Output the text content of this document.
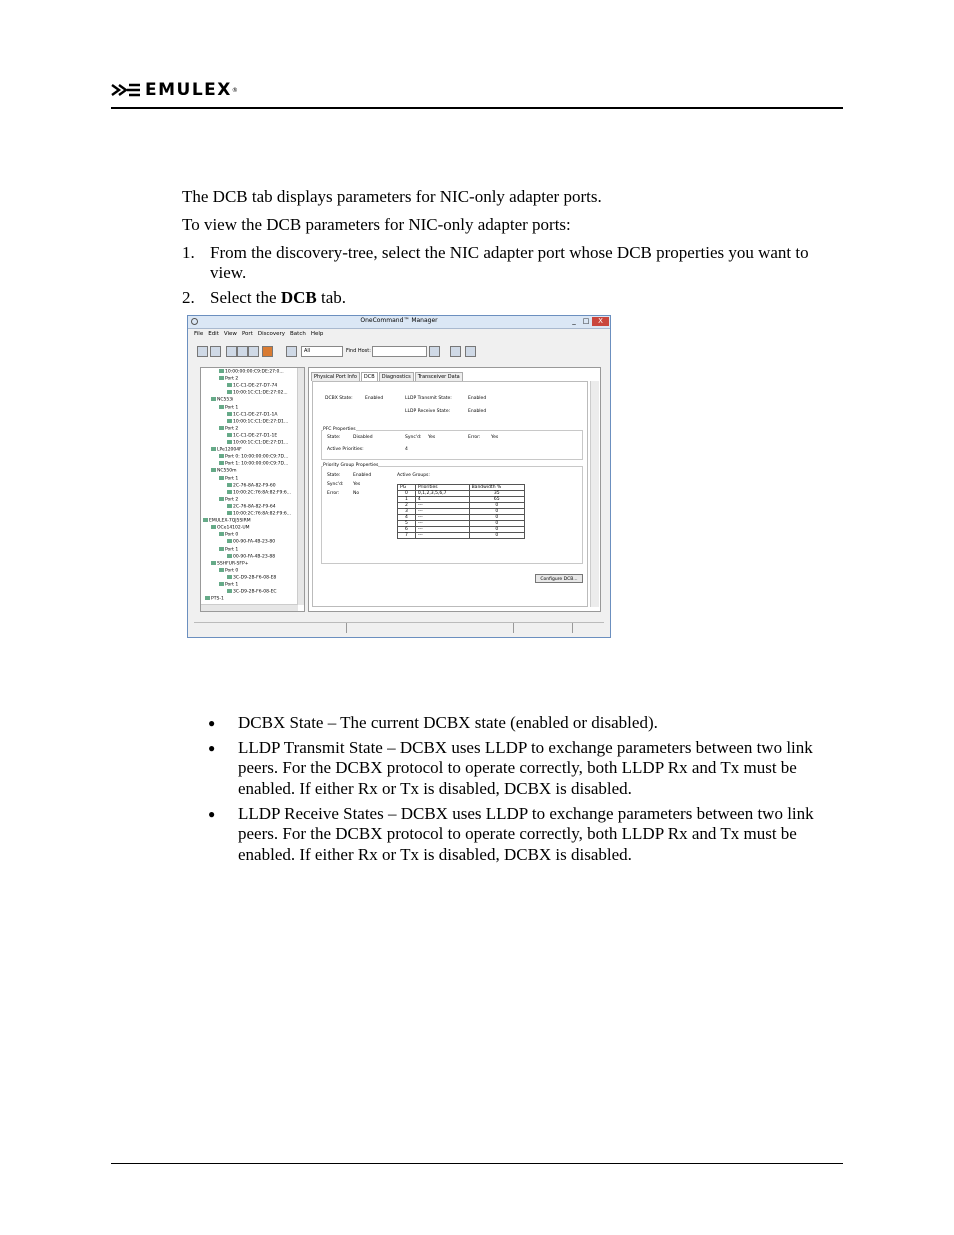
EMULEX ®
The DCB tab displays parameters for NIC-only adapter ports.
To view the DCB parameters for NIC-only adapter ports:
1. From the discovery-tree, select the NIC adapter port whose DCB properties you want to view.
2. Select the DCB tab.
OneCommand™ Manager	_ □	X
File Edit View Port Discovery Batch Help
All	Find Host:
10:00:00:00:C9:DE:27:0...
Port 2
1C-C1-DE-27-D7-74
10:00:1C:C1:DE:27:02...
NC553i
Port 1
1C-C1-DE-27-D1-1A
10:00:1C:C1:DE:27:D1...
Port 2
1C-C1-DE-27-D1-1E
10:00:1C:C1:DE:27:D1...
LPe12004F
Port 0: 10:00:00:00:C9:7D...
Port 1: 10:00:00:00:C9:7D...
NC550m
Port 1
2C-76-8A-82-F9-60
10:00:2C:76:8A:82:F9:6...
Port 2
2C-76-8A-82-F9-64
10:00:2C:76:8A:82:F9:6...
EMULEX-7QJ5SIRM
OCe14102-UM
Port 0
00-90-FA-4B-23-80
Port 1
00-90-FA-4B-23-88
SSHFUR-SFP+
Port 0
3C-D9-2B-F6-08-E8
Port 1
3C-D9-2B-F6-08-EC
PTS-1
Physical Port Info	DCB	Diagnostics	Transceiver Data
DCBX State:	Enabled	LLDP Transmit State:	Enabled
LLDP Receive State:	Enabled
PFC Properties
State:	Disabled	Sync'd: Yes	Error: Yes
Active Priorities:	4
Priority Group Properties
State:	Enabled
Sync'd: Yes
Error:	No
Active Groups:
PG	Priorities	Bandwidth %
0	0,1,2,3,5,6,7	35
1	4	65
2	---	0
3	---	0
4	---	0
5	---	0
6	---	0
7	---	0
Configure DCB...
●	DCBX State – The current DCBX state (enabled or disabled).
●	LLDP Transmit State – DCBX uses LLDP to exchange parameters between two link peers. For the DCBX protocol to operate correctly, both LLDP Rx and Tx must be enabled. If either Rx or Tx is disabled, DCBX is disabled.
●	LLDP Receive States – DCBX uses LLDP to exchange parameters between two link peers. For the DCBX protocol to operate correctly, both LLDP Rx and Tx must be enabled. If either Rx or Tx is disabled, DCBX is disabled.
